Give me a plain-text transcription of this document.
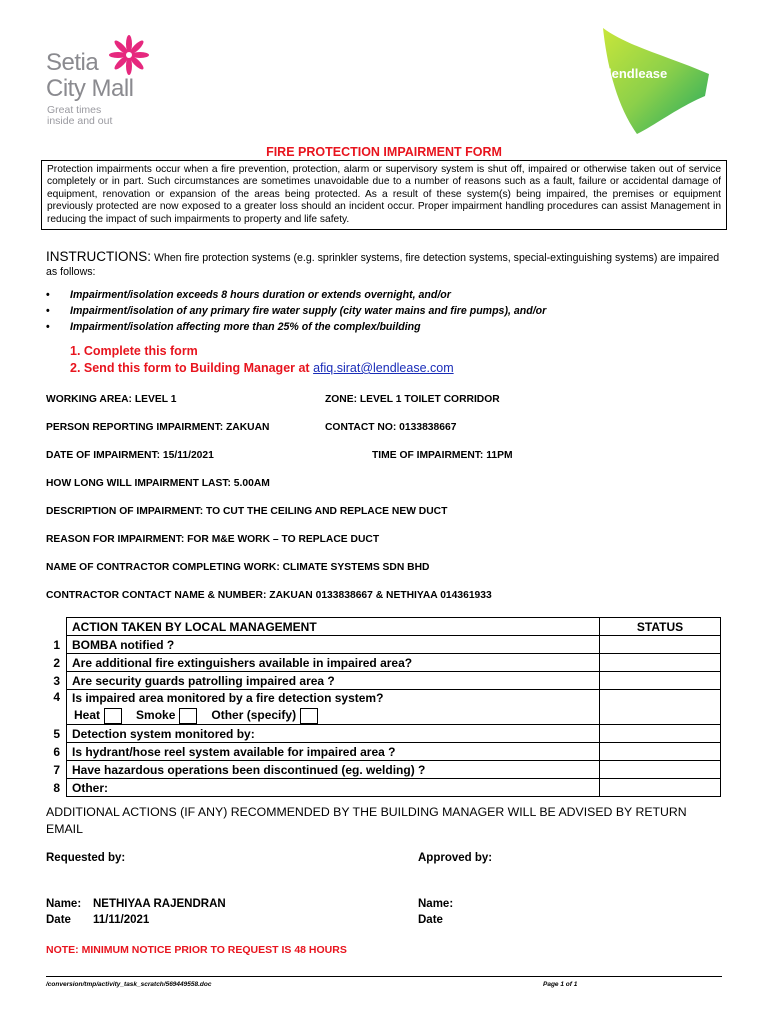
Setia
City Mall
Great times
inside and out
lendlease
FIRE PROTECTION IMPAIRMENT FORM
Protection impairments occur when a fire prevention, protection, alarm or supervisory system is shut off, impaired or otherwise taken out of service completely or in part. Such circumstances are sometimes unavoidable due to a number of reasons such as a fault, failure or accidental damage of equipment, renovation or expansion of the areas being protected. As a result of these system(s) being impaired, the premises or equipment previously protected are now exposed to a greater loss should an incident occur. Proper impairment handling procedures can assist Management in reducing the impact of such impairments to property and life safety.
INSTRUCTIONS: When fire protection systems (e.g. sprinkler systems, fire detection systems, special-extinguishing systems) are impaired as follows:
• Impairment/isolation exceeds 8 hours duration or extends overnight, and/or
• Impairment/isolation of any primary fire water supply (city water mains and fire pumps), and/or
• Impairment/isolation affecting more than 25% of the complex/building
1. Complete this form
2. Send this form to Building Manager at afiq.sirat@lendlease.com
WORKING AREA: LEVEL 1	ZONE: LEVEL 1 TOILET CORRIDOR
PERSON REPORTING IMPAIRMENT: ZAKUAN	CONTACT NO: 0133838667
DATE OF IMPAIRMENT: 15/11/2021	TIME OF IMPAIRMENT: 11PM
HOW LONG WILL IMPAIRMENT LAST: 5.00AM
DESCRIPTION OF IMPAIRMENT: TO CUT THE CEILING AND REPLACE NEW DUCT
REASON FOR IMPAIRMENT: FOR M&E WORK – TO REPLACE DUCT
NAME OF CONTRACTOR COMPLETING WORK: CLIMATE SYSTEMS SDN BHD
CONTRACTOR CONTACT NAME & NUMBER: ZAKUAN 0133838667 & NETHIYAA 014361933
	ACTION TAKEN BY LOCAL MANAGEMENT	STATUS
1	BOMBA notified ?	
2	Are additional fire extinguishers available in impaired area?	
3	Are security guards patrolling impaired area ?	
4	Is impaired area monitored by a fire detection system?
Heat Smoke Other (specify)	

5	Detection system monitored by:	
6	Is hydrant/hose reel system available for impaired area ?	
7	Have hazardous operations been discontinued (eg. welding) ?	
8	Other:	
ADDITIONAL ACTIONS (IF ANY) RECOMMENDED BY THE BUILDING MANAGER WILL BE ADVISED BY RETURN EMAIL
Requested by:	Approved by:
Name: NETHIYAA RAJENDRAN
Date 11/11/2021
Name:
Date
NOTE: MINIMUM NOTICE PRIOR TO REQUEST IS 48 HOURS
/conversion/tmp/activity_task_scratch/569449558.doc	Page 1 of 1
